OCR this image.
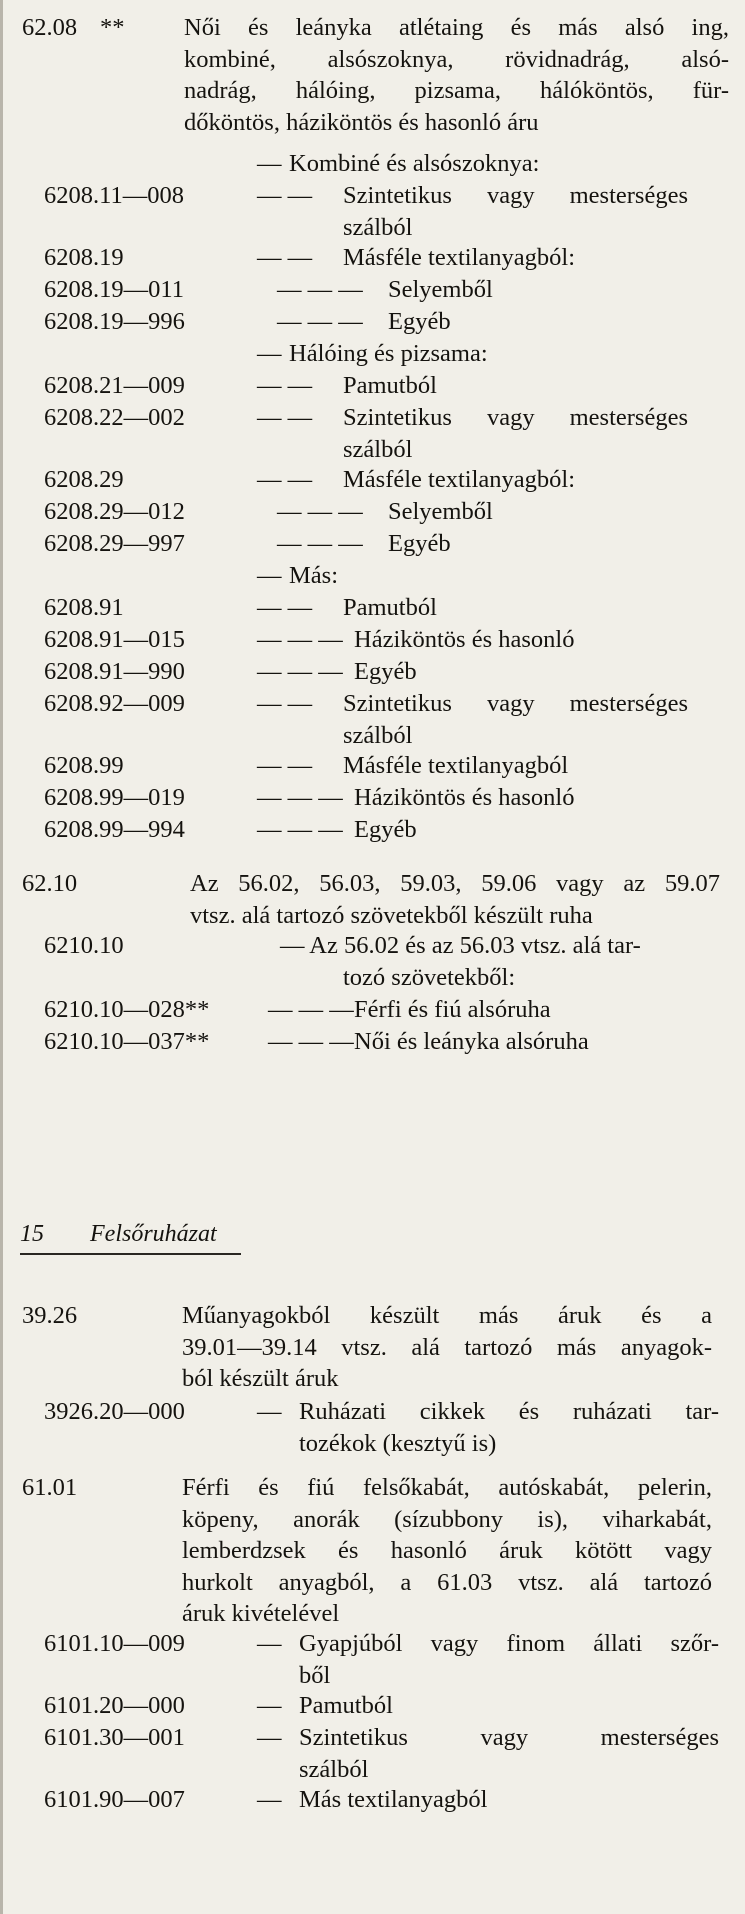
15 Felsőruházat
62.08 ** Női és leányka atlétaing és más alsó ing,
kombiné, alsószoknya, rövidnadrág, alsó-
nadrág, hálóing, pizsama, hálóköntös, für-
dőköntös, háziköntös és hasonló áru
— Kombiné és alsószoknya:
6208.11—008	— — Szintetikus vagy mesterséges
szálból
6208.19	— — Másféle textilanyagból:
6208.19—011	— — — Selyemből
6208.19—996	— — — Egyéb
— Hálóing és pizsama:
6208.21—009	— — Pamutból
6208.22—002	— — Szintetikus vagy mesterséges
szálból
6208.29	— — Másféle textilanyagból:
6208.29—012	— — — Selyemből
6208.29—997	— — — Egyéb
— Más:
6208.91	— — Pamutból
6208.91—015	— — — Háziköntös és hasonló
6208.91—990	— — — Egyéb
6208.92—009	— — Szintetikus vagy mesterséges
szálból
6208.99	— — Másféle textilanyagból
6208.99—019	— — — Háziköntös és hasonló
6208.99—994	— — — Egyéb
62.10	Az 56.02, 56.03, 59.03, 59.06 vagy az 59.07
vtsz. alá tartozó szövetekből készült ruha
6210.10	— Az 56.02 és az 56.03 vtsz. alá tar-
tozó szövetekből:
6210.10—028** — — — Férfi és fiú alsóruha
6210.10—037** — — — Női és leányka alsóruha
39.26	Műanyagokból készült más áruk és a
39.01—39.14 vtsz. alá tartozó más anyagok-
ból készült áruk
3926.20—000	— Ruházati cikkek és ruházati tar-
tozékok (kesztyű is)
61.01	Férfi és fiú felsőkabát, autóskabát, pelerin,
köpeny, anorák (sízubbony is), viharkabát,
lemberdzsek és hasonló áruk kötött vagy
hurkolt anyagból, a 61.03 vtsz. alá tartozó
áruk kivételével
6101.10—009	— Gyapjúból vagy finom állati szőr-
ből
6101.20—000	— Pamutból
6101.30—001	— Szintetikus vagy mesterséges
szálból
6101.90—007	— Más textilanyagból
